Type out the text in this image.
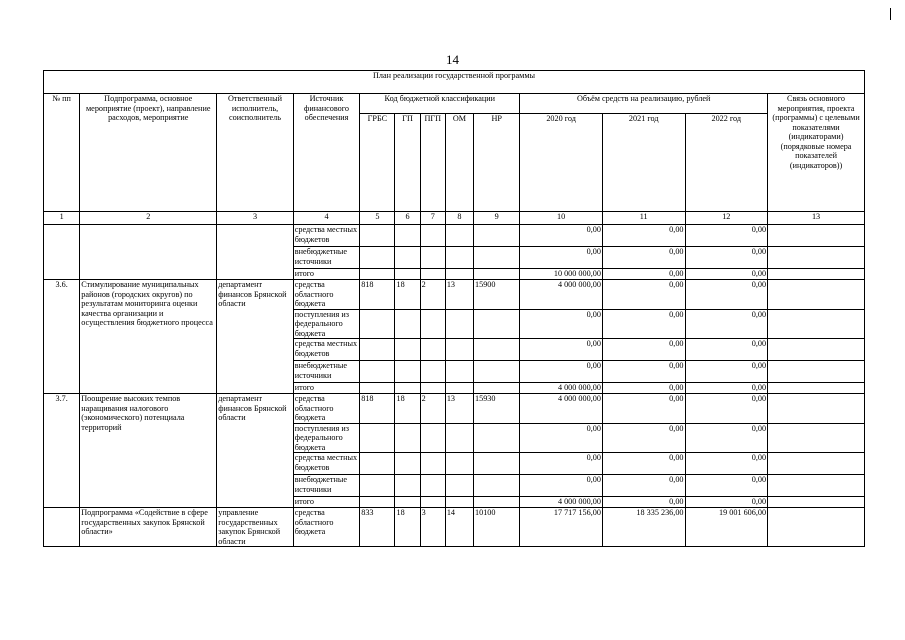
14
План реализации государственной программы												
№ пп	Подпрограмма, основное мероприятие (проект), направление расходов, мероприятие	Ответственный исполнитель, соисполнитель	Источник финансового обеспечения	Код бюджетной классификации					Объём средств на реализацию, рублей			Связь основного мероприятия, проекта (программы) с целевыми показателями (индикаторами) (порядковые номера показателей (индикаторов))
				ГРБС	ГП	ПГП	ОМ	НР	2020 год	2021 год	2022 год	
1	2	3	4	5	6	7	8	9	10	11	12	13
			средства местных бюджетов						0,00	0,00	0,00	
			внебюджетные источники						0,00	0,00	0,00	
			итого						10 000 000,00	0,00	0,00	
3.6.	Стимулирование муниципальных районов (городских округов) по результатам мониторинга оценки качества организации и осуществления бюджетного процесса	департамент финансов Брянской области	средства областного бюджета	818	18	2	13	15900	4 000 000,00	0,00	0,00	
			поступления из федерального бюджета						0,00	0,00	0,00	
			средства местных бюджетов						0,00	0,00	0,00	
			внебюджетные источники						0,00	0,00	0,00	
			итого						4 000 000,00	0,00	0,00	
3.7.	Поощрение высоких темпов наращивания налогового (экономического) потенциала территорий	департамент финансов Брянской области	средства областного бюджета	818	18	2	13	15930	4 000 000,00	0,00	0,00	
			поступления из федерального бюджета						0,00	0,00	0,00	
			средства местных бюджетов						0,00	0,00	0,00	
			внебюджетные источники						0,00	0,00	0,00	
			итого						4 000 000,00	0,00	0,00	
	Подпрограмма «Содействие в сфере государственных закупок Брянской области»	управление государственных закупок Брянской области	средства областного бюджета	833	18	3	14	10100	17 717 156,00	18 335 236,00	19 001 606,00	
